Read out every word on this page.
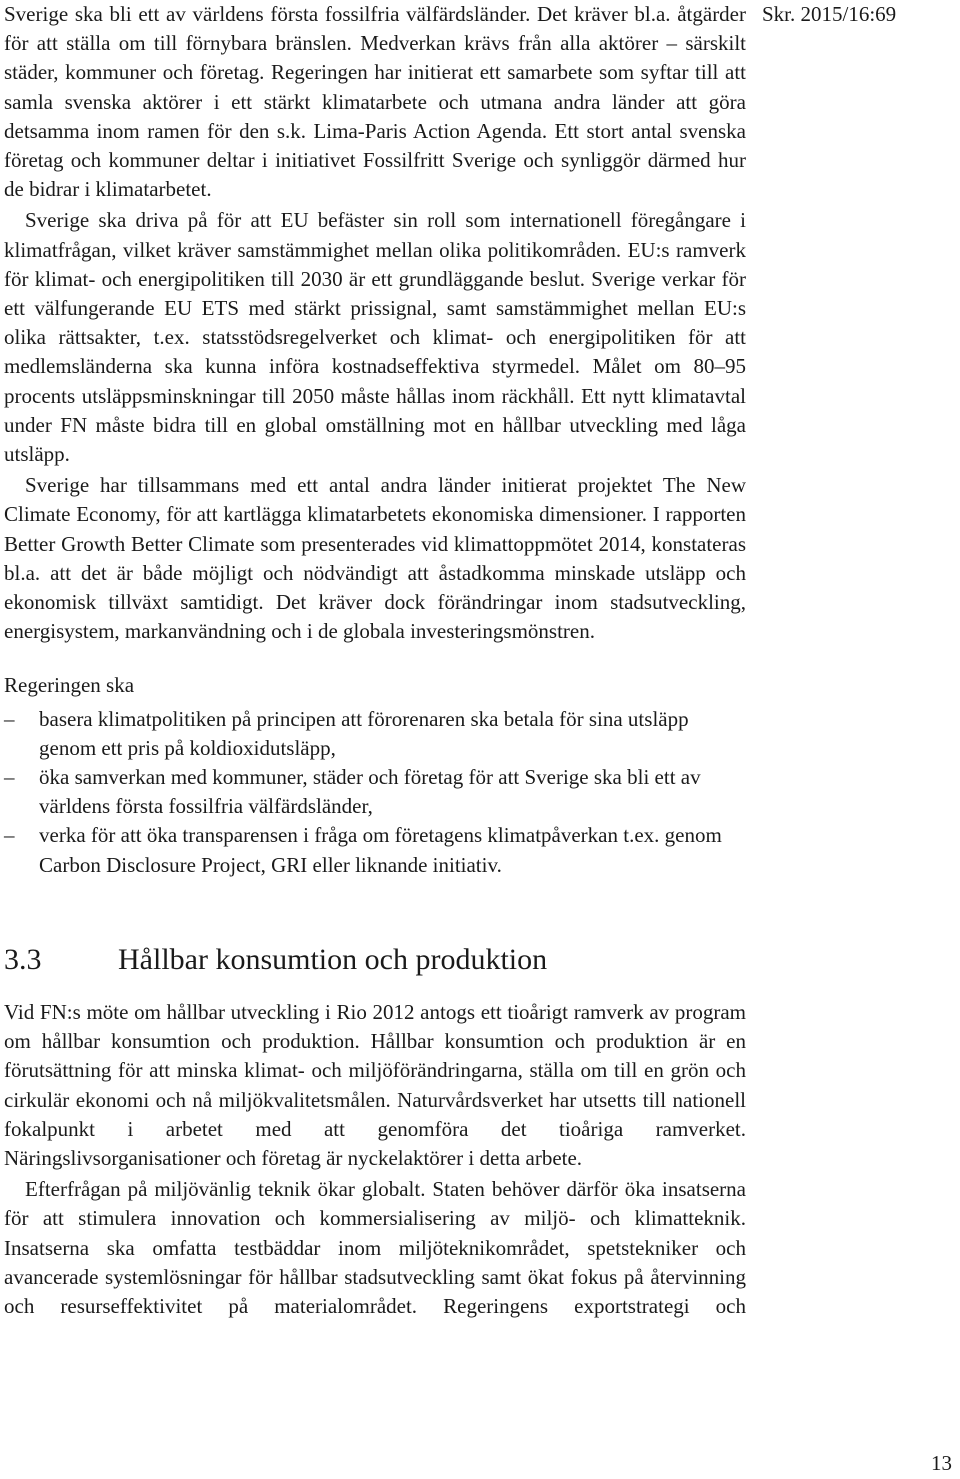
Skr. 2015/16:69

Sverige ska bli ett av världens första fossilfria välfärdsländer. Det kräver bl.a. åtgärder för att ställa om till förnybara bränslen. Medverkan krävs från alla aktörer – särskilt städer, kommuner och företag. Regeringen har initierat ett samarbete som syftar till att samla svenska aktörer i ett stärkt klimatarbete och utmana andra länder att göra detsamma inom ramen för den s.k. Lima-Paris Action Agenda. Ett stort antal svenska företag och kommuner deltar i initiativet Fossilfritt Sverige och synliggör därmed hur de bidrar i klimatarbetet.

Sverige ska driva på för att EU befäster sin roll som internationell föregångare i klimatfrågan, vilket kräver samstämmighet mellan olika politikområden. EU:s ramverk för klimat- och energipolitiken till 2030 är ett grundläggande beslut. Sverige verkar för ett välfungerande EU ETS med stärkt prissignal, samt samstämmighet mellan EU:s olika rättsakter, t.ex. statsstödsregelverket och klimat- och energipolitiken för att medlemsländerna ska kunna införa kostnadseffektiva styrmedel. Målet om 80–95 procents utsläppsminskningar till 2050 måste hållas inom räckhåll. Ett nytt klimatavtal under FN måste bidra till en global omställning mot en hållbar utveckling med låga utsläpp.

Sverige har tillsammans med ett antal andra länder initierat projektet The New Climate Economy, för att kartlägga klimatarbetets ekonomiska dimensioner. I rapporten Better Growth Better Climate som presenterades vid klimattoppmötet 2014, konstateras bl.a. att det är både möjligt och nödvändigt att åstadkomma minskade utsläpp och ekonomisk tillväxt samtidigt. Det kräver dock förändringar inom stadsutveckling, energisystem, markanvändning och i de globala investeringsmönstren.

Regeringen ska

– basera klimatpolitiken på principen att förorenaren ska betala för sina utsläpp genom ett pris på koldioxidutsläpp,
– öka samverkan med kommuner, städer och företag för att Sverige ska bli ett av världens första fossilfria välfärdsländer,
– verka för att öka transparensen i fråga om företagens klimatpåverkan t.ex. genom Carbon Disclosure Project, GRI eller liknande initiativ.
3.3	Hållbar konsumtion och produktion

Vid FN:s möte om hållbar utveckling i Rio 2012 antogs ett tioårigt ramverk av program om hållbar konsumtion och produktion. Hållbar konsumtion och produktion är en förutsättning för att minska klimat- och miljöförändringarna, ställa om till en grön och cirkulär ekonomi och nå miljökvalitetsmålen. Naturvårdsverket har utsetts till nationell fokalpunkt i arbetet med att genomföra det tioåriga ramverket. Näringslivsorganisationer och företag är nyckelaktörer i detta arbete.

Efterfrågan på miljövänlig teknik ökar globalt. Staten behöver därför öka insatserna för att stimulera innovation och kommersialisering av miljö- och klimatteknik. Insatserna ska omfatta testbäddar inom miljöteknikområdet, spetstekniker och avancerade systemlösningar för hållbar stadsutveckling samt ökat fokus på återvinning och resurseffektivitet på materialområdet. Regeringens exportstrategi och

13
